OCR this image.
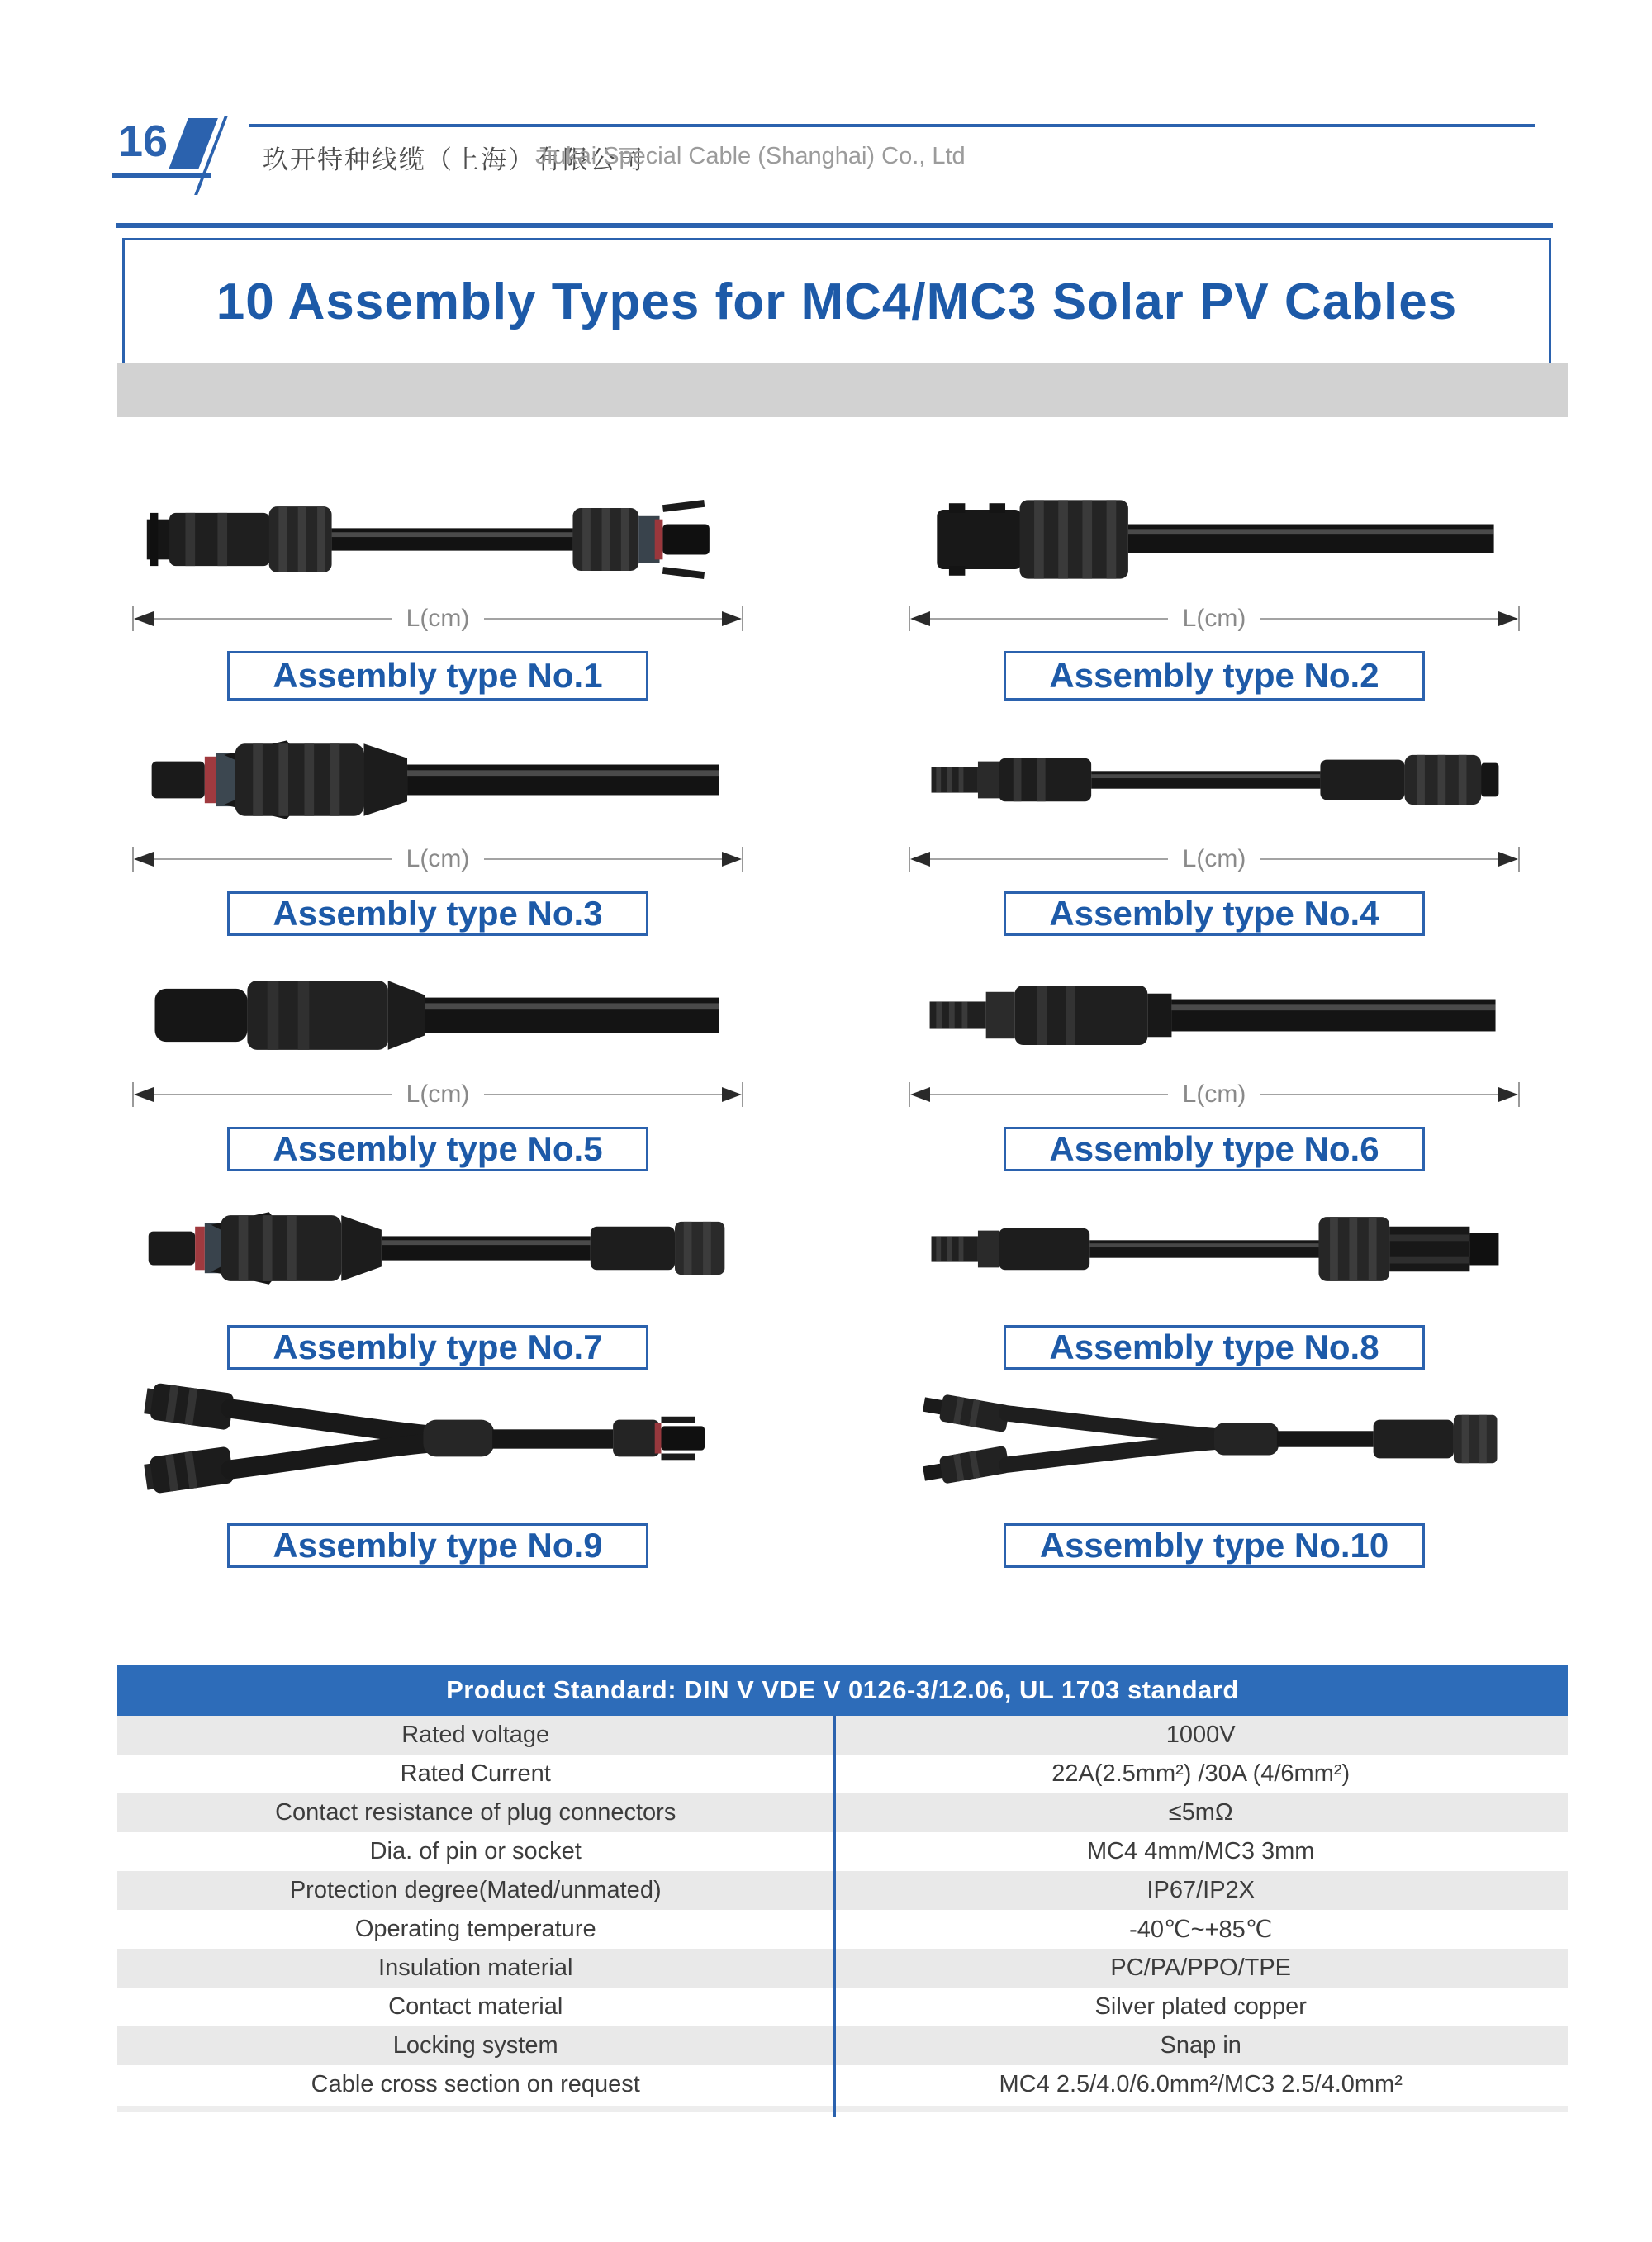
16	玖开特种线缆（上海）有限公司
Jiukai Special Cable (Shanghai) Co., Ltd
10 Assembly Types for MC4/MC3 Solar PV Cables
L(cm)
Assembly type No.1
L(cm)
Assembly type No.2
L(cm)
Assembly type No.3
L(cm)
Assembly type No.4
L(cm)
Assembly type No.5
L(cm)
Assembly type No.6
Assembly type No.7	Assembly type No.8
Assembly type No.9	Assembly type No.10
Product Standard: DIN V VDE V 0126-3/12.06, UL 1703 standard
Rated voltage	1000V
Rated Current	22A(2.5mm²) /30A (4/6mm²)
Contact resistance of plug connectors	≤5mΩ
Dia. of pin or socket	MC4 4mm/MC3 3mm
Protection degree(Mated/unmated)	IP67/IP2X
Operating temperature	-40℃~+85℃
Insulation material	PC/PA/PPO/TPE
Contact material	Silver plated copper
Locking system	Snap in
Cable cross section on request	MC4 2.5/4.0/6.0mm²/MC3 2.5/4.0mm²
